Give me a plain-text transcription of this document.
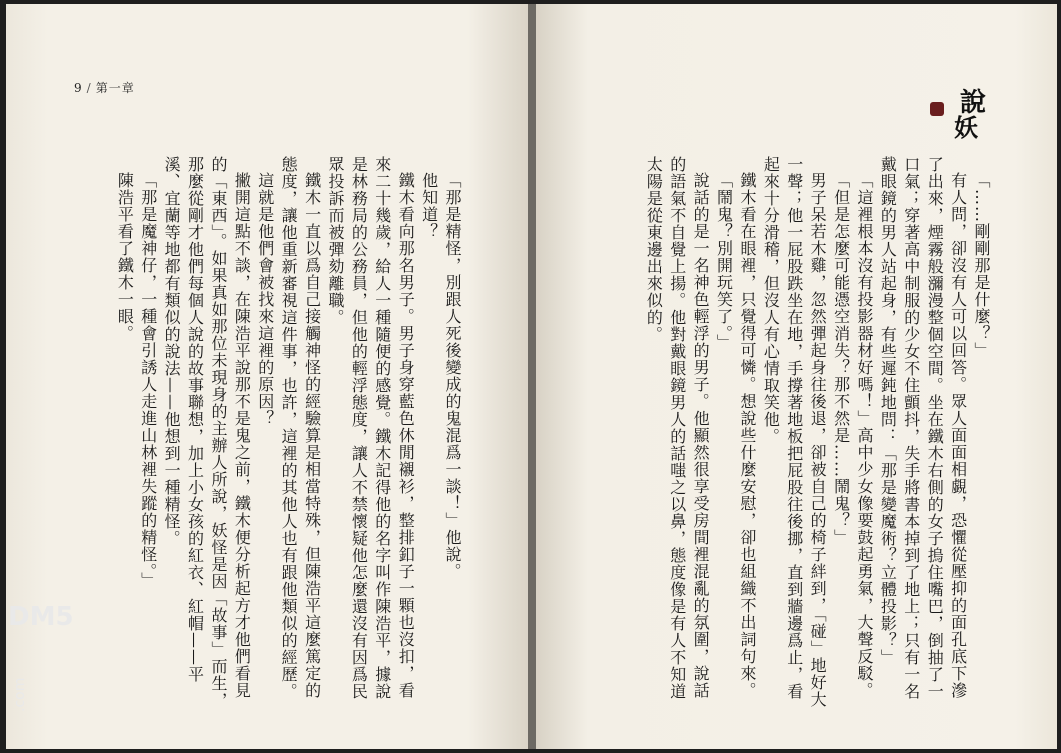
9 / 第一章

「那是精怪，別跟人死後變成的鬼混爲一談！」他說。

他知道？

鐵木看向那名男子。男子身穿藍色休閒襯衫，整排釦子一顆也沒扣，看來二十幾歲，給人一種隨便的感覺。鐵木記得他的名字叫作陳浩平，據說是林務局的公務員，但他的輕浮態度，讓人不禁懷疑他怎麼還沒有因爲民眾投訴而被彈劾離職。

鐵木一直以爲自己接觸神怪的經驗算是相當特殊，但陳浩平這麼篤定的態度，讓他重新審視這件事，也許，這裡的其他人也有跟他類似的經歷。

這就是他們會被找來這裡的原因？

撇開這點不談，在陳浩平說那不是鬼之前，鐵木便分析起方才他們看見的「東西」。如果真如那位未現身的主辦人所說，妖怪是因「故事」而生，那麼從剛才他們每個人說的故事聯想，加上小女孩的紅衣、紅帽——平溪、宜蘭等地都有類似的說法——他想到一種精怪。

「那是魔神仔，一種會引誘人走進山林裡失蹤的精怪。」

陳浩平看了鐵木一眼。

說
妖

「……剛剛那是什麼？」

有人問，卻沒有人可以回答。眾人面面相覷，恐懼從壓抑的面孔底下滲了出來，煙霧般瀰漫整個空間。坐在鐵木右側的女子摀住嘴巴，倒抽了一口氣；穿著高中制服的少女不住顫抖，失手將書本掉到了地上；只有一名戴眼鏡的男人站起身，有些遲鈍地問：「那是變魔術？立體投影？」

「這裡根本沒有投影器材好嗎！」高中少女像要鼓起勇氣，大聲反駁。

「但是怎麼可能憑空消失？那不然是……鬧鬼？」

男子呆若木雞，忽然彈起身往後退，卻被自己的椅子絆到，「碰」地好大一聲；他一屁股跌坐在地，手撐著地板把屁股往後挪，直到牆邊爲止，看起來十分滑稽，但沒人有心情取笑他。

鐵木看在眼裡，只覺得可憐。想說些什麼安慰，卻也組織不出詞句來。

「鬧鬼？別開玩笑了。」

說話的是一名神色輕浮的男子。他顯然很享受房間裡混亂的氛圍，說話的語氣不自覺上揚。他對戴眼鏡男人的話嗤之以鼻，態度像是有人不知道太陽是從東邊出來似的。

DM5
.com
